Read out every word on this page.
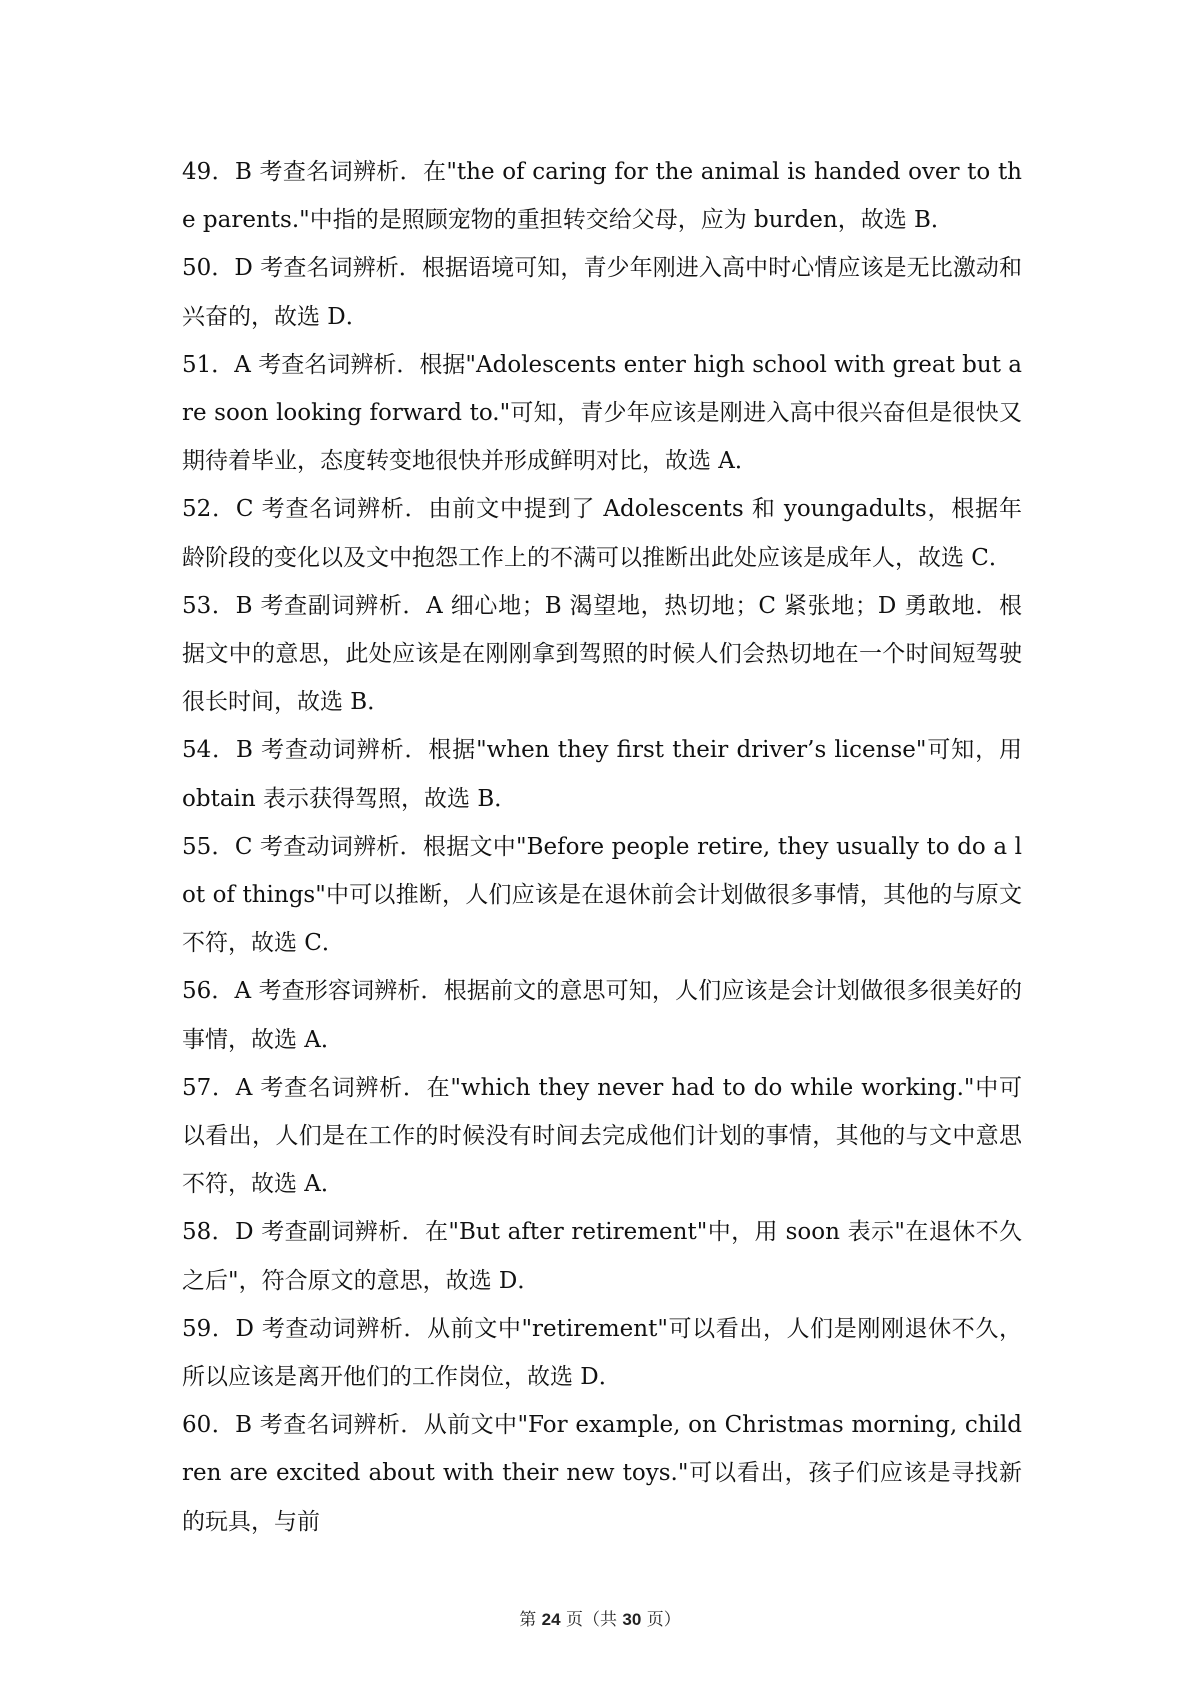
49．B 考查名词辨析．在"the of caring for the animal is handed over to the parents."中指的是照顾宠物的重担转交给父母，应为 burden，故选 B．

50．D 考查名词辨析．根据语境可知，青少年刚进入高中时心情应该是无比激动和兴奋的，故选 D．

51．A 考查名词辨析．根据"Adolescents enter high school with great but are soon looking forward to."可知，青少年应该是刚进入高中很兴奋但是很快又期待着毕业，态度转变地很快并形成鲜明对比，故选 A．

52．C 考查名词辨析．由前文中提到了 Adolescents 和 youngadults，根据年龄阶段的变化以及文中抱怨工作上的不满可以推断出此处应该是成年人，故选 C．

53．B 考查副词辨析．A 细心地；B 渴望地，热切地；C 紧张地；D 勇敢地．根据文中的意思，此处应该是在刚刚拿到驾照的时候人们会热切地在一个时间短驾驶很长时间，故选 B．

54．B 考查动词辨析．根据"when they first their driver’s license"可知，用 obtain 表示获得驾照，故选 B．

55．C 考查动词辨析．根据文中"Before people retire, they usually to do a lot of things"中可以推断，人们应该是在退休前会计划做很多事情，其他的与原文不符，故选 C．

56．A 考查形容词辨析．根据前文的意思可知，人们应该是会计划做很多很美好的事情，故选 A．

57．A 考查名词辨析．在"which they never had to do while working."中可以看出，人们是在工作的时候没有时间去完成他们计划的事情，其他的与文中意思不符，故选 A．

58．D 考查副词辨析．在"But after retirement"中，用 soon 表示"在退休不久之后"，符合原文的意思，故选 D．

59．D 考查动词辨析．从前文中"retirement"可以看出，人们是刚刚退休不久，所以应该是离开他们的工作岗位，故选 D．

60．B 考查名词辨析．从前文中"For example, on Christmas morning, children are excited about with their new toys."可以看出，孩子们应该是寻找新的玩具，与前

第 24 页（共 30 页）
